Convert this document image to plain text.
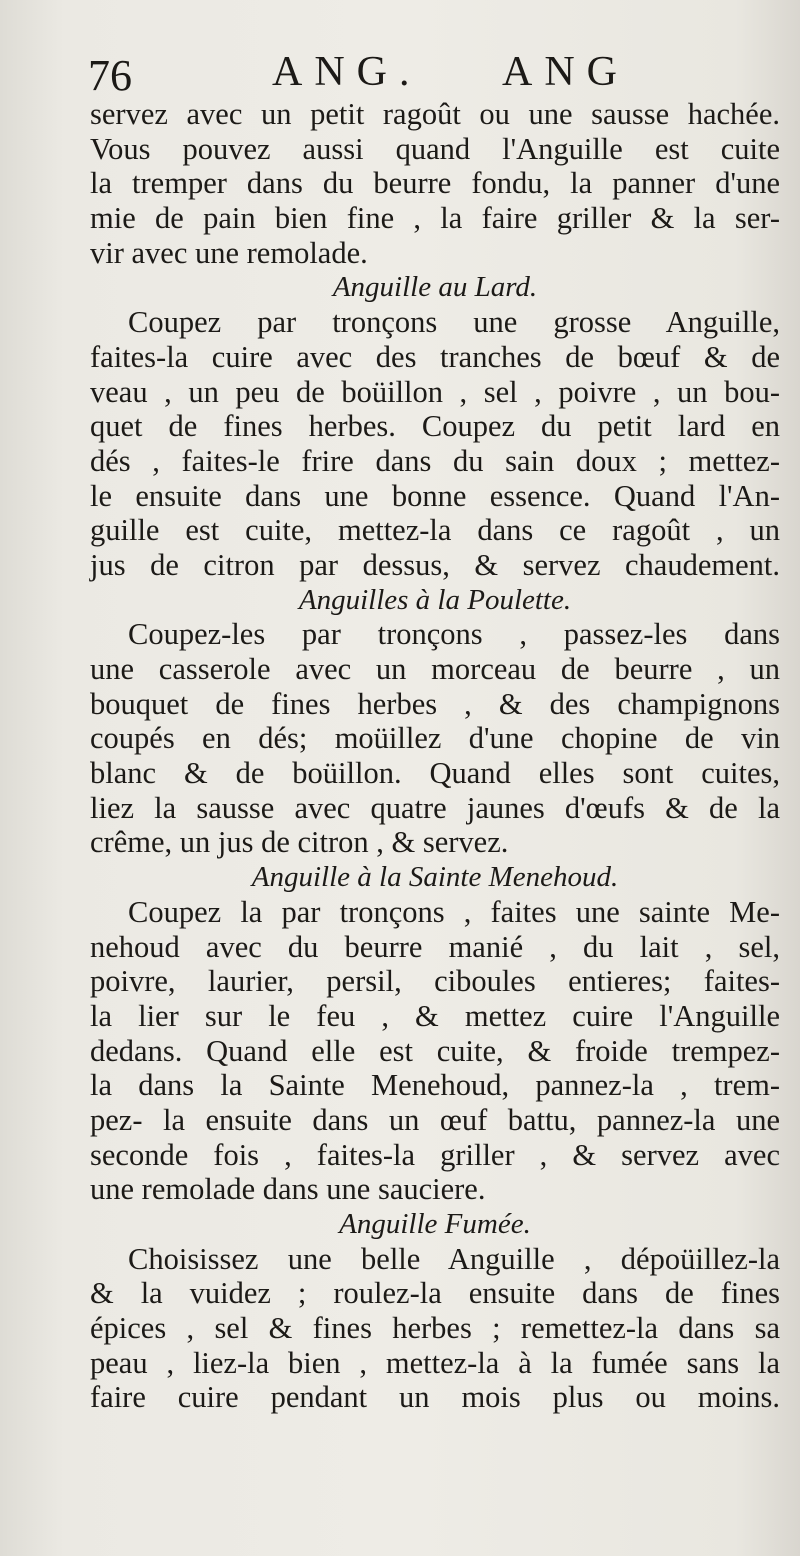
76	ANG. ANG
servez avec un petit ragoût ou une sausse hachée.
Vous pouvez aussi quand l'Anguille est cuite
la tremper dans du beurre fondu, la panner d'une
mie de pain bien fine , la faire griller & la ser-
vir avec une remolade.
Anguille au Lard.
Coupez par tronçons une grosse Anguille,
faites-la cuire avec des tranches de bœuf & de
veau , un peu de boüillon , sel , poivre , un bou-
quet de fines herbes. Coupez du petit lard en
dés , faites-le frire dans du sain doux ; mettez-
le ensuite dans une bonne essence. Quand l'An-
guille est cuite, mettez-la dans ce ragoût , un
jus de citron par dessus, & servez chaudement.
Anguilles à la Poulette.
Coupez-les par tronçons , passez-les dans
une casserole avec un morceau de beurre , un
bouquet de fines herbes , & des champignons
coupés en dés; moüillez d'une chopine de vin
blanc & de boüillon. Quand elles sont cuites,
liez la sausse avec quatre jaunes d'œufs & de la
crême, un jus de citron , & servez.
Anguille à la Sainte Menehoud.
Coupez la par tronçons , faites une sainte Me-
nehoud avec du beurre manié , du lait , sel,
poivre, laurier, persil, ciboules entieres; faites-
la lier sur le feu , & mettez cuire l'Anguille
dedans. Quand elle est cuite, & froide trempez-
la dans la Sainte Menehoud, pannez-la , trem-
pez- la ensuite dans un œuf battu, pannez-la une
seconde fois , faites-la griller , & servez avec
une remolade dans une sauciere.
Anguille Fumée.
Choisissez une belle Anguille , dépoüillez-la
& la vuidez ; roulez-la ensuite dans de fines
épices , sel & fines herbes ; remettez-la dans sa
peau , liez-la bien , mettez-la à la fumée sans la
faire cuire pendant un mois plus ou moins.
